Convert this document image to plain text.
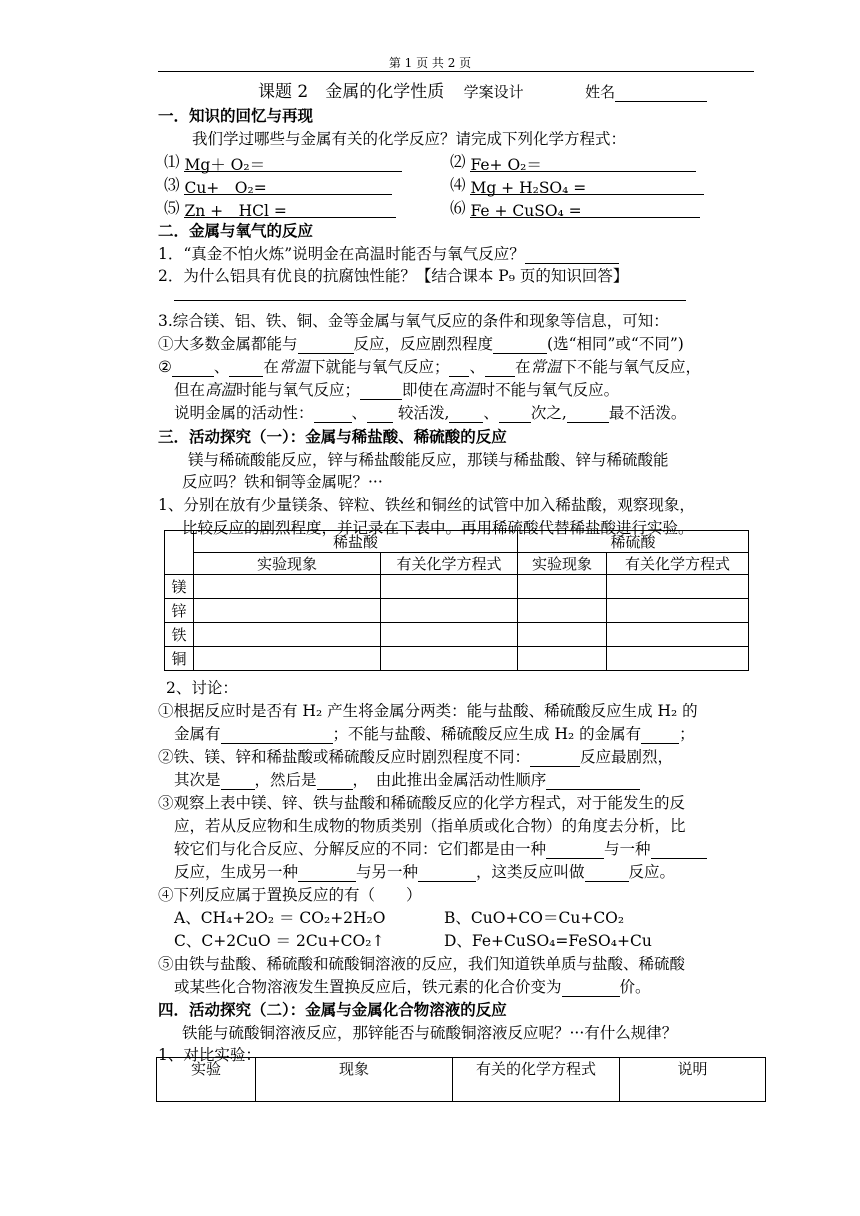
第 1 页 共 2 页
课题 2　金属的化学性质 学案设计	姓名
一．知识的回忆与再现
我们学过哪些与金属有关的化学反应？请完成下列化学方程式：
⑴ Mg＋ O₂＝	⑵ Fe+ O₂＝
⑶ Cu+　O₂=	⑷ Mg + H₂SO₄ =
⑸ Zn +　HCl =	⑹ Fe + CuSO₄ =
二．金属与氧气的反应
1．“真金不怕火炼”说明金在高温时能否与氧气反应？
2．为什么铝具有优良的抗腐蚀性能？【结合课本 P₉ 页的知识回答】
3.综合镁、铝、铁、铜、金等金属与氧气反应的条件和现象等信息，可知：
①大多数金属都能与	反应，反应剧烈程度	(选“相同”或“不同”)
②	、 在常温下就能与氧气反应； 、 在常温下不能与氧气反应，
但在高温时能与氧气反应；	即使在高温时不能与氧气反应。
说明金属的活动性： 、 较活泼, 、 次之,	最不活泼。
三．活动探究（一）：金属与稀盐酸、稀硫酸的反应
镁与稀硫酸能反应，锌与稀盐酸能反应，那镁与稀盐酸、锌与稀硫酸能
反应吗？铁和铜等金属呢？···
1、分别在放有少量镁条、锌粒、铁丝和铜丝的试管中加入稀盐酸，观察现象，
比较反应的剧烈程度，并记录在下表中。再用稀硫酸代替稀盐酸进行实验。
	稀盐酸		稀硫酸	
	实验现象	有关化学方程式	实验现象	有关化学方程式
镁				
锌				
铁				
铜				
2、讨论：
①根据反应时是否有 H₂ 产生将金属分两类：能与盐酸、稀硫酸反应生成 H₂ 的
金属有	；不能与盐酸、稀硫酸反应生成 H₂ 的金属有 ；
②铁、镁、锌和稀盐酸或稀硫酸反应时剧烈程度不同：	反应最剧烈，
其次是 ，然后是 ，　由此推出金属活动性顺序
③观察上表中镁、锌、铁与盐酸和稀硫酸反应的化学方程式，对于能发生的反
应，若从反应物和生成物的物质类别（指单质或化合物）的角度去分析，比
较它们与化合反应、分解反应的不同：它们都是由一种	与一种
反应，生成另一种	与另一种	，这类反应叫做	反应。
④下列反应属于置换反应的有（　　）
A、CH₄+2O₂ ＝ CO₂+2H₂O	B、CuO+CO＝Cu+CO₂
C、C+2CuO ＝ 2Cu+CO₂↑	D、Fe+CuSO₄=FeSO₄+Cu
⑤由铁与盐酸、稀硫酸和硫酸铜溶液的反应，我们知道铁单质与盐酸、稀硫酸
或某些化合物溶液发生置换反应后，铁元素的化合价变为	价。
四．活动探究（二）：金属与金属化合物溶液的反应
铁能与硫酸铜溶液反应，那锌能否与硫酸铜溶液反应呢？···有什么规律？
1、对比实验：
实验	现象	有关的化学方程式	说明
